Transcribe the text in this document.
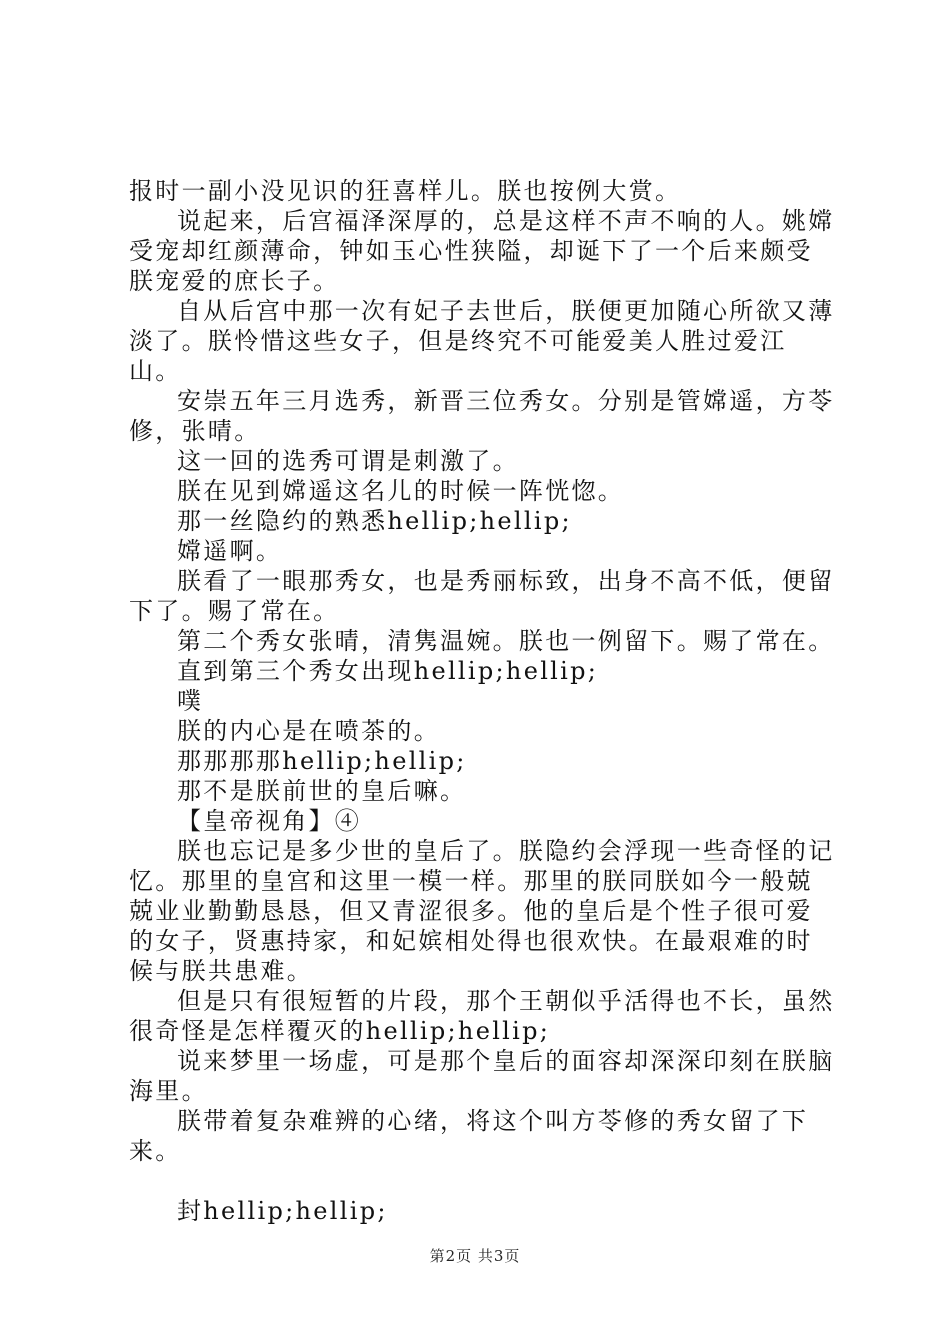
报时一副小没见识的狂喜样儿。朕也按例大赏。

说起来，后宫福泽深厚的，总是这样不声不响的人。姚嫦受宠却红颜薄命，钟如玉心性狭隘，却诞下了一个后来颇受朕宠爱的庶长子。

自从后宫中那一次有妃子去世后，朕便更加随心所欲又薄淡了。朕怜惜这些女子，但是终究不可能爱美人胜过爱江山。

安崇五年三月选秀，新晋三位秀女。分别是管嫦遥，方苓修，张晴。

这一回的选秀可谓是刺激了。

朕在见到嫦遥这名儿的时候一阵恍惚。

那一丝隐约的熟悉hellip;hellip;

嫦遥啊。

朕看了一眼那秀女，也是秀丽标致，出身不高不低，便留下了。赐了常在。

第二个秀女张晴，清隽温婉。朕也一例留下。赐了常在。

直到第三个秀女出现hellip;hellip;

噗

朕的内心是在喷茶的。

那那那那hellip;hellip;

那不是朕前世的皇后嘛。

【皇帝视角】④

朕也忘记是多少世的皇后了。朕隐约会浮现一些奇怪的记忆。那里的皇宫和这里一模一样。那里的朕同朕如今一般兢兢业业勤勤恳恳，但又青涩很多。他的皇后是个性子很可爱的女子，贤惠持家，和妃嫔相处得也很欢快。在最艰难的时候与朕共患难。

但是只有很短暂的片段，那个王朝似乎活得也不长，虽然很奇怪是怎样覆灭的hellip;hellip;

说来梦里一场虚，可是那个皇后的面容却深深印刻在朕脑海里。

朕带着复杂难辨的心绪，将这个叫方苓修的秀女留了下来。

封hellip;hellip;

第2页 共3页
